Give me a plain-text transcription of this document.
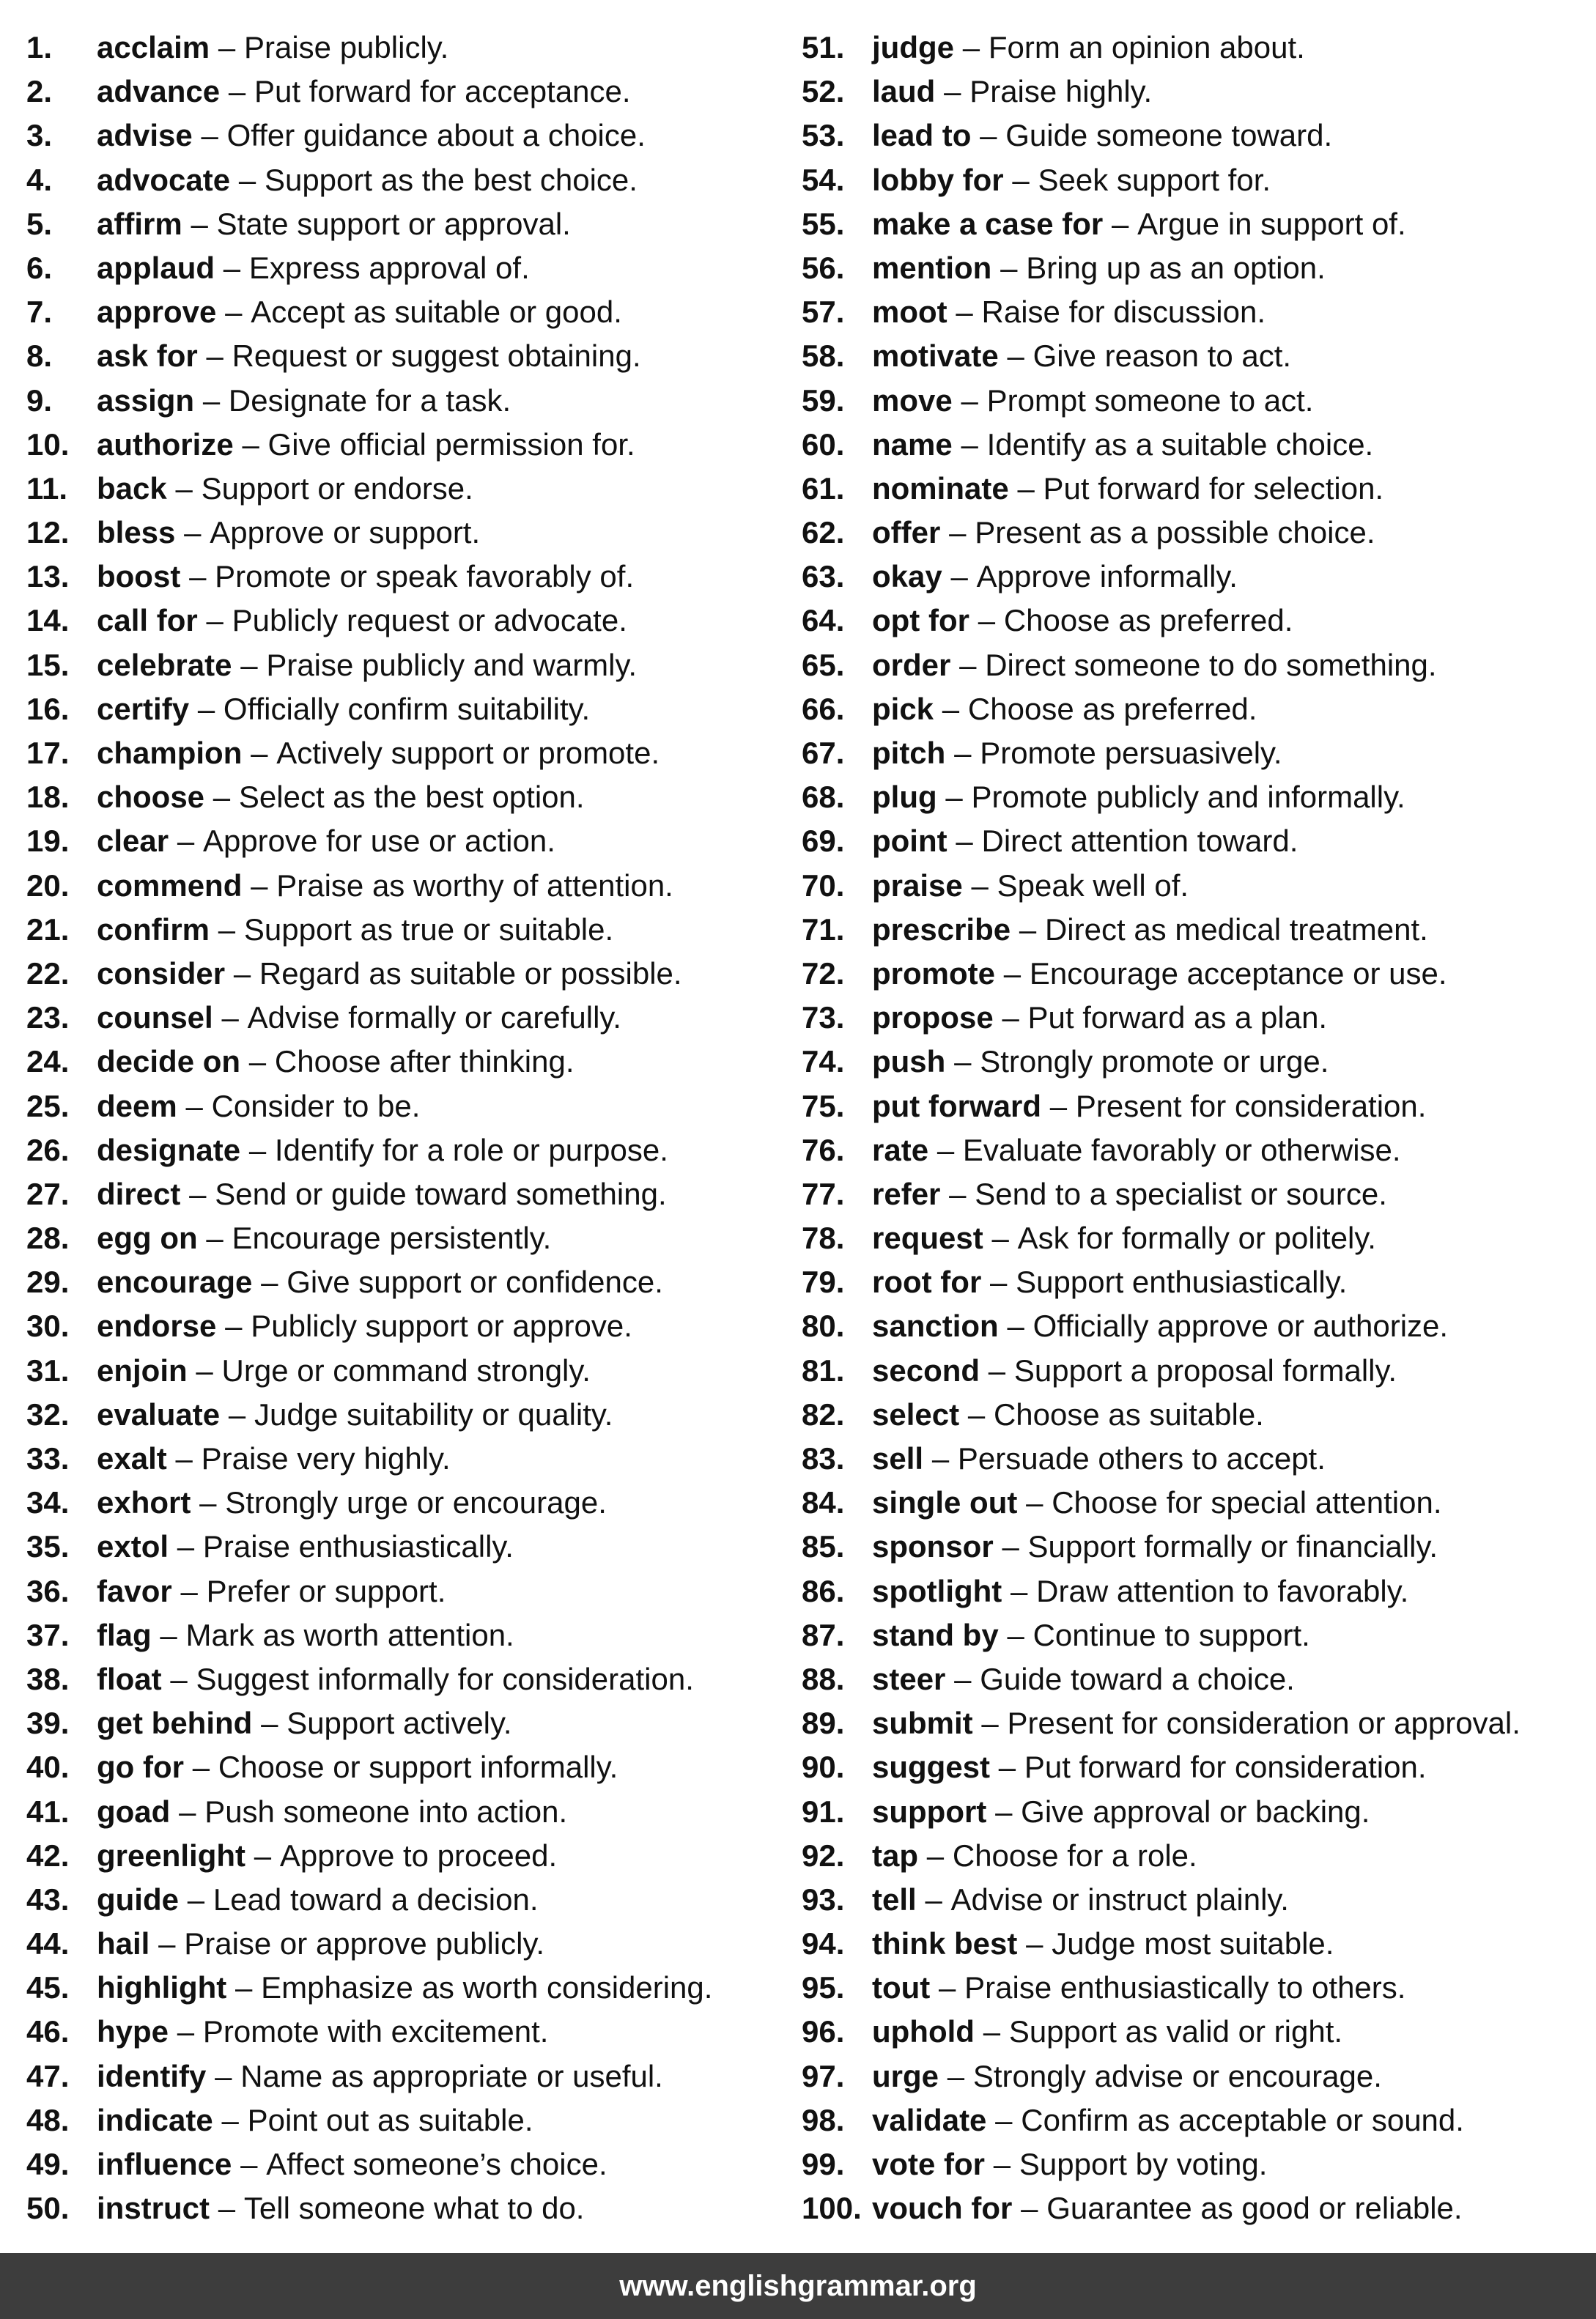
1.	acclaim – Praise publicly.
2.	advance – Put forward for acceptance.
3.	advise – Offer guidance about a choice.
4.	advocate – Support as the best choice.
5.	affirm – State support or approval.
6.	applaud – Express approval of.
7.	approve – Accept as suitable or good.
8.	ask for – Request or suggest obtaining.
9.	assign – Designate for a task.
10. authorize – Give official permission for.
11. back – Support or endorse.
12. bless – Approve or support.
13. boost – Promote or speak favorably of.
14. call for – Publicly request or advocate.
15. celebrate – Praise publicly and warmly.
16. certify – Officially confirm suitability.
17. champion – Actively support or promote.
18. choose – Select as the best option.
19. clear – Approve for use or action.
20. commend – Praise as worthy of attention.
21. confirm – Support as true or suitable.
22. consider – Regard as suitable or possible.
23. counsel – Advise formally or carefully.
24. decide on – Choose after thinking.
25. deem – Consider to be.
26. designate – Identify for a role or purpose.
27. direct – Send or guide toward something.
28. egg on – Encourage persistently.
29. encourage – Give support or confidence.
30. endorse – Publicly support or approve.
31. enjoin – Urge or command strongly.
32. evaluate – Judge suitability or quality.
33. exalt – Praise very highly.
34. exhort – Strongly urge or encourage.
35. extol – Praise enthusiastically.
36. favor – Prefer or support.
37. flag – Mark as worth attention.
38. float – Suggest informally for consideration.
39. get behind – Support actively.
40. go for – Choose or support informally.
41. goad – Push someone into action.
42. greenlight – Approve to proceed.
43. guide – Lead toward a decision.
44. hail – Praise or approve publicly.
45. highlight – Emphasize as worth considering.
46. hype – Promote with excitement.
47. identify – Name as appropriate or useful.
48. indicate – Point out as suitable.
49. influence – Affect someone’s choice.
50. instruct – Tell someone what to do.
51. judge – Form an opinion about.
52. laud – Praise highly.
53. lead to – Guide someone toward.
54. lobby for – Seek support for.
55. make a case for – Argue in support of.
56. mention – Bring up as an option.
57. moot – Raise for discussion.
58. motivate – Give reason to act.
59. move – Prompt someone to act.
60. name – Identify as a suitable choice.
61. nominate – Put forward for selection.
62. offer – Present as a possible choice.
63. okay – Approve informally.
64. opt for – Choose as preferred.
65. order – Direct someone to do something.
66. pick – Choose as preferred.
67. pitch – Promote persuasively.
68. plug – Promote publicly and informally.
69. point – Direct attention toward.
70. praise – Speak well of.
71. prescribe – Direct as medical treatment.
72. promote – Encourage acceptance or use.
73. propose – Put forward as a plan.
74. push – Strongly promote or urge.
75. put forward – Present for consideration.
76. rate – Evaluate favorably or otherwise.
77. refer – Send to a specialist or source.
78. request – Ask for formally or politely.
79. root for – Support enthusiastically.
80. sanction – Officially approve or authorize.
81. second – Support a proposal formally.
82. select – Choose as suitable.
83. sell – Persuade others to accept.
84. single out – Choose for special attention.
85. sponsor – Support formally or financially.
86. spotlight – Draw attention to favorably.
87. stand by – Continue to support.
88. steer – Guide toward a choice.
89. submit – Present for consideration or approval.
90. suggest – Put forward for consideration.
91. support – Give approval or backing.
92. tap – Choose for a role.
93. tell – Advise or instruct plainly.
94. think best – Judge most suitable.
95. tout – Praise enthusiastically to others.
96. uphold – Support as valid or right.
97. urge – Strongly advise or encourage.
98. validate – Confirm as acceptable or sound.
99. vote for – Support by voting.
100. vouch for – Guarantee as good or reliable.
www.englishgrammar.org
